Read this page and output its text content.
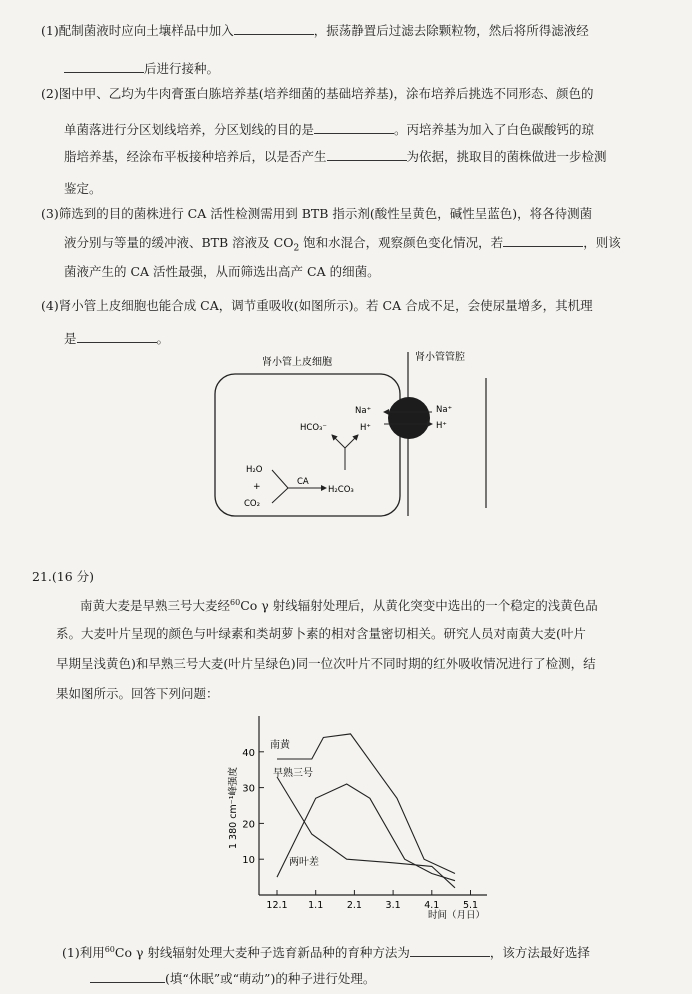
(1)配制菌液时应向土壤样品中加入	，振荡静置后过滤去除颗粒物，然后将所得滤液经
后进行接种。
(2)图中甲、乙均为牛肉膏蛋白胨培养基(培养细菌的基础培养基)，涂布培养后挑选不同形态、颜色的
单菌落进行分区划线培养，分区划线的目的是	。丙培养基为加入了白色碳酸钙的琼
脂培养基，经涂布平板接种培养后，以是否产生	为依据，挑取目的菌株做进一步检测
鉴定。
(3)筛选到的目的菌株进行 CA 活性检测需用到 BTB 指示剂(酸性呈黄色，碱性呈蓝色)，将各待测菌
液分别与等量的缓冲液、BTB 溶液及 $CO_2$ 饱和水混合，观察颜色变化情况，若	，则该
菌液产生的 CA 活性最强，从而筛选出高产 CA 的细菌。
(4)肾小管上皮细胞也能合成 CA，调节重吸收(如图所示)。若 CA 合成不足，会使尿量增多，其机理
是	。
肾小管上皮细胞	肾小管管腔
Na⁺
H⁺
Na⁺
H⁺
HCO₃⁻
H₂O
+
CO₂
CA
H₂CO₃
21.(16 分)
南黄大麦是早熟三号大麦经$^{60}$Co γ 射线辐射处理后，从黄化突变中选出的一个稳定的浅黄色品
系。大麦叶片呈现的颜色与叶绿素和类胡萝卜素的相对含量密切相关。研究人员对南黄大麦(叶片
早期呈浅黄色)和早熟三号大麦(叶片呈绿色)同一位次叶片不同时期的红外吸收情况进行了检测，结
果如图所示。回答下列问题：
1 380 cm⁻¹峰强度
时间（月日）
10
20
30
40
12.1 1.1 2.1 3.1 4.1 5.1
南黄
早熟三号
两叶差
(1)利用$^{60}$Co γ 射线辐射处理大麦种子选育新品种的育种方法为	，该方法最好选择
(填“休眠”或“萌动”)的种子进行处理。
